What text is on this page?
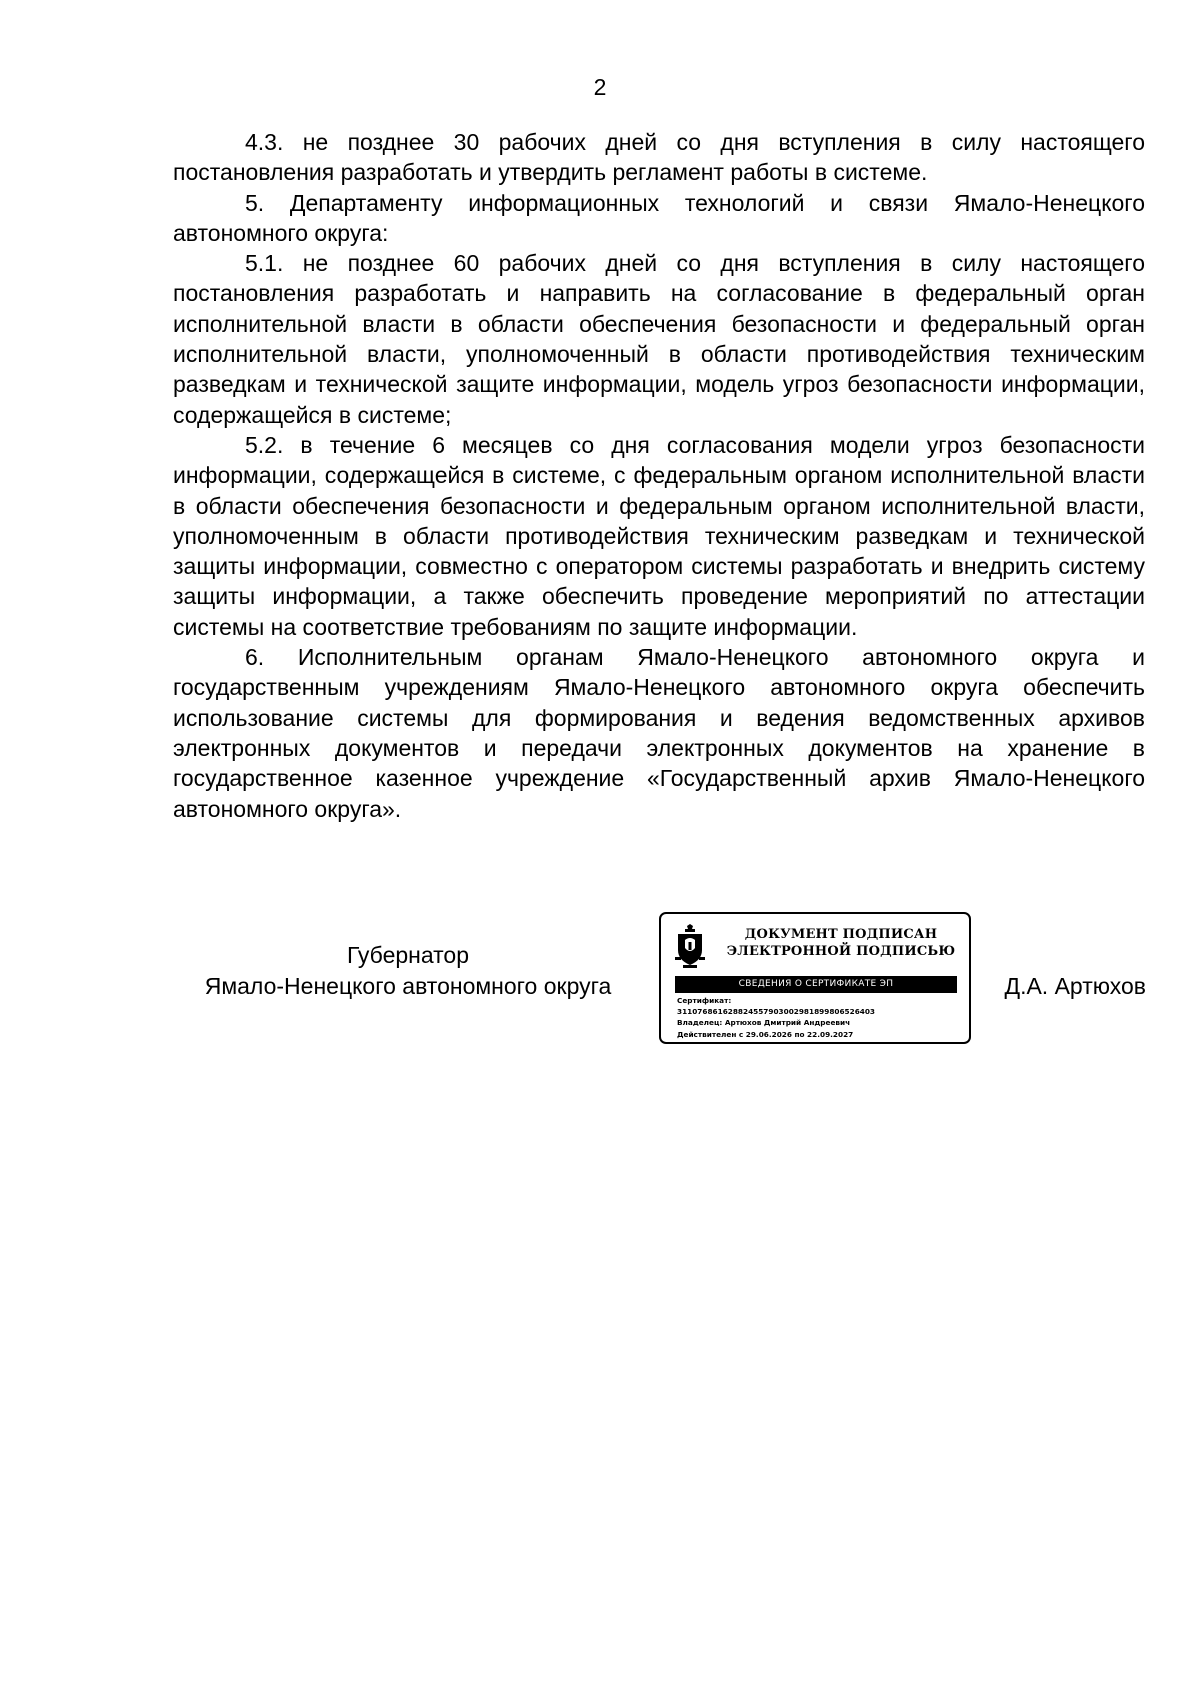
2

4.3. не позднее 30 рабочих дней со дня вступления в силу настоящего постановления разработать и утвердить регламент работы в системе.

5. Департаменту информационных технологий и связи Ямало-Ненецкого автономного округа:

5.1. не позднее 60 рабочих дней со дня вступления в силу настоящего постановления разработать и направить на согласование в федеральный орган исполнительной власти в области обеспечения безопасности и федеральный орган исполнительной власти, уполномоченный в области противодействия техническим разведкам и технической защите информации, модель угроз безопасности информации, содержащейся в системе;

5.2. в течение 6 месяцев со дня согласования модели угроз безопасности информации, содержащейся в системе, с федеральным органом исполнительной власти в области обеспечения безопасности и федеральным органом исполнительной власти, уполномоченным в области противодействия техническим разведкам и технической защиты информации, совместно с оператором системы разработать и внедрить систему защиты информации, а также обеспечить проведение мероприятий по аттестации системы на соответствие требованиям по защите информации.

6. Исполнительным органам Ямало-Ненецкого автономного округа и государственным учреждениям Ямало-Ненецкого автономного округа обеспечить использование системы для формирования и ведения ведомственных архивов электронных документов и передачи электронных документов на хранение в государственное казенное учреждение «Государственный архив Ямало-Ненецкого автономного округа».

Губернатор
Ямало-Ненецкого автономного округа
ДОКУМЕНТ ПОДПИСАН
ЭЛЕКТРОННОЙ ПОДПИСЬЮ
СВЕДЕНИЯ О СЕРТИФИКАТЕ ЭП
Сертификат:
311076861628824557903002981899806526403
Владелец: Артюхов Дмитрий Андреевич
Действителен с 29.06.2026 по 22.09.2027
Д.А. Артюхов
